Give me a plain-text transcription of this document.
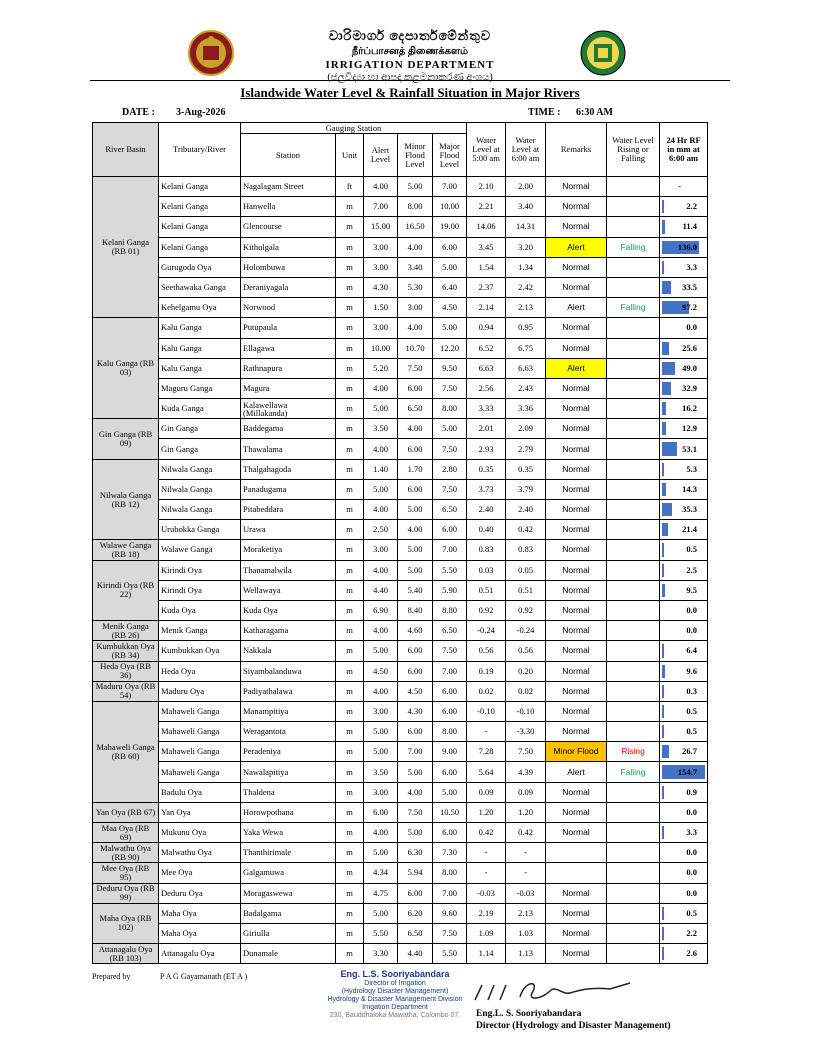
වාරිමාර්ග දෙපාර්තමේන්තුව
நீர்ப்பாசனத் திணைக்களம்
IRRIGATION DEPARTMENT
(ජලවිද්‍යා හා ආපදා කළමනාකරණ අංශය)
Islandwide Water Level & Rainfall Situation in Major Rivers
DATE : 3-Aug-2026	TIME : 6:30 AM
River Basin	Tributary/River	Gauging Station					Water Level at 5:00 am	Water Level at 6:00 am	Remarks	Water Level Rising or Falling	24 Hr RF in mm at 6:00 am
		Station	Unit	Alert Level	Minor Flood Level	Major Flood Level					
Kelani Ganga (RB 01)	Kelani Ganga	Nagalagam Street	ft	4.00	5.00	7.00	2.10	2.00	Normal		-
	Kelani Ganga	Hanwella	m	7.00	8.00	10.00	2.21	3.40	Normal		2.2
	Kelani Ganga	Glencourse	m	15.00	16.50	19.00	14.06	14.31	Normal		11.4
	Kelani Ganga	Kithulgala	m	3.00	4.00	6.00	3.45	3.20	Alert	Falling	136.0
	Gurugoda Oya	Holombuwa	m	3.00	3.40	5.00	1.54	1.34	Normal		3.3
	Seethawaka Ganga	Deraniyagala	m	4.30	5.30	6.40	2.37	2.42	Normal		33.5
	Kehelgamu Oya	Norwood	m	1.50	3.00	4.50	2.14	2.13	Alert	Falling	97.2
Kalu Ganga (RB 03)	Kalu Ganga	Putupaula	m	3.00	4.00	5.00	0.94	0.95	Normal		0.0
	Kalu Ganga	Ellagawa	m	10.00	10.70	12.20	6.52	6.75	Normal		25.6
	Kalu Ganga	Rathnapura	m	5.20	7.50	9.50	6.63	6.63	Alert		49.0
	Maguru Ganga	Magura	m	4.00	6.00	7.50	2.56	2.43	Normal		32.9
	Kuda Ganga	Kalawellawa (Millakanda)	m	5.00	6.50	8.00	3.33	3.36	Normal		16.2
Gin Ganga (RB 09)	Gin Ganga	Baddegama	m	3.50	4.00	5.00	2.01	2.09	Normal		12.9
	Gin Ganga	Thawalama	m	4.00	6.00	7.50	2.93	2.79	Normal		53.1
Nilwala Ganga (RB 12)	Nilwala Ganga	Thalgahagoda	m	1.40	1.70	2.80	0.35	0.35	Normal		5.3
	Nilwala Ganga	Panadugama	m	5.00	6.00	7.50	3.73	3.79	Normal		14.3
	Nilwala Ganga	Pitabeddara	m	4.00	5.00	6.50	2.40	2.40	Normal		35.3
	Urubokka Ganga	Urawa	m	2.50	4.00	6.00	0.40	0.42	Normal		21.4
Walawe Ganga (RB 18)	Walawe Ganga	Moraketiya	m	3.00	5.00	7.00	0.83	0.83	Normal		0.5
Kirindi Oya (RB 22)	Kirindi Oya	Thanamalwila	m	4.00	5.00	5.50	0.03	0.05	Normal		2.5
	Kirindi Oya	Wellawaya	m	4.40	5.40	5.90	0.51	0.51	Normal		9.5
	Kuda Oya	Kuda Oya	m	6.90	8.40	8.80	0.92	0.92	Normal		0.0
Menik Ganga (RB 26)	Menik Ganga	Katharagama	m	4.00	4.60	6.50	-0.24	-0.24	Normal		0.0
Kumbukkan Oya (RB 34)	Kumbukkan Oya	Nakkala	m	5.00	6.00	7.50	0.56	0.56	Normal		6.4
Heda Oya (RB 36)	Heda Oya	Siyambalanduwa	m	4.50	6.00	7.00	0.19	0.20	Normal		9.6
Maduru Oya (RB 54)	Maduru Oya	Padiyathalawa	m	4.00	4.50	6.00	0.02	0.02	Normal		0.3
Mahaweli Ganga (RB 60)	Mahaweli Ganga	Manampitiya	m	3.00	4.30	6.00	-0.10	-0.10	Normal		0.5
	Mahaweli Ganga	Weragantota	m	5.00	6.00	8.00	-	-3.30	Normal		0.5
	Mahaweli Ganga	Peradeniya	m	5.00	7.00	9.00	7.28	7.50	Minor Flood	Rising	26.7
	Mahaweli Ganga	Nawalapitiya	m	3.50	5.00	6.00	5.64	4.39	Alert	Falling	154.7
	Badulu Oya	Thaldena	m	3.00	4.00	5.00	0.09	0.09	Normal		0.9
Yan Oya (RB 67)	Yan Oya	Horowpothana	m	6.00	7.50	10.50	1.20	1.20	Normal		0.0
Maa Oya (RB 69)	Mukunu Oya	Yaka Wewa	m	4.00	5.00	6.00	0.42	0.42	Normal		3.3
Malwathu Oya (RB 90)	Malwathu Oya	Thanthirimale	m	5.00	6.30	7.30	-	-			0.0
Mee Oya (RB 95)	Mee Oya	Galgamuwa	m	4.34	5.94	8.00	-	-			0.0
Deduru Oya (RB 99)	Deduru Oya	Moragaswewa	m	4.75	6.00	7.00	-0.03	-0.03	Normal		0.0
Maha Oya (RB 102)	Maha Oya	Badalgama	m	5.00	6.20	9.60	2.19	2.13	Normal		0.5
	Maha Oya	Giriulla	m	5.50	6.50	7.50	1.09	1.03	Normal		2.2
Attanagalu Oya (RB 103)	Attanagalu Oya	Dunamale	m	3.30	4.40	5.50	1.14	1.13	Normal		2.6
Prepared by	P A G Gayamanath (ET A )	Eng. L.S. Sooriyabandara
Director of Irrigation
(Hydrology Disaster Management)
Hydrology & Disaster Management Division
Irrigation Department
230, Bauddhaloka Mawatha, Colombo 07.	Eng.L. S. Sooriyabandara
Director (Hydrology and Disaster Management)
